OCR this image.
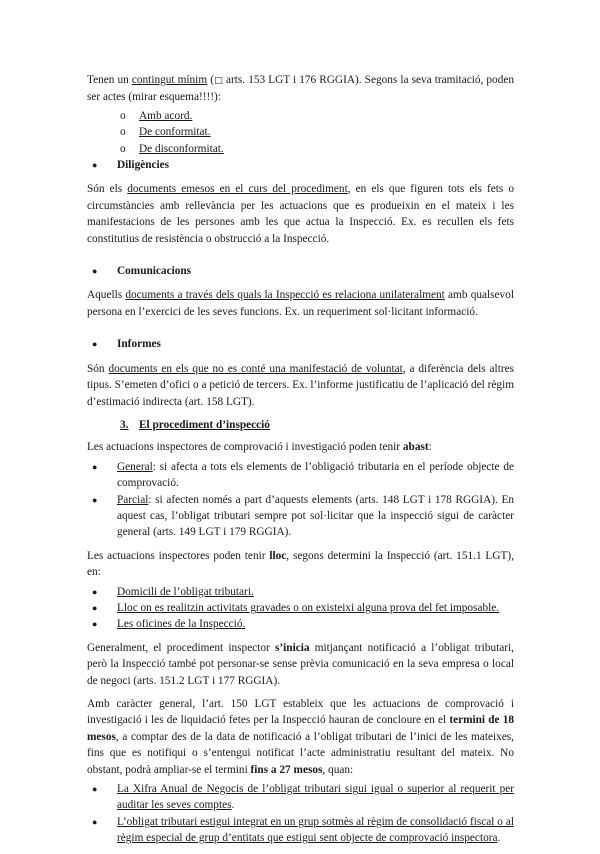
Tenen un contingut mínim (□ arts. 153 LGT i 176 RGGIA). Segons la seva tramitació, poden ser actes (mirar esquema!!!!):

o	Amb acord.
o	De conformitat.
o	De disconformitat.
●	Diligències

Són els documents emesos en el curs del procediment, en els que figuren tots els fets o circumstàncies amb rellevància per les actuacions que es produeixin en el mateix i les manifestacions de les persones amb les que actua la Inspecció. Ex. es recullen els fets constitutius de resistència o obstrucció a la Inspecció.

●	Comunicacions

Aquells documents a través dels quals la Inspecció es relaciona unilateralment amb qualsevol persona en l’exercici de les seves funcions. Ex. un requeriment sol·licitant informació.

●	Informes

Són documents en els que no es conté una manifestació de voluntat, a diferència dels altres tipus. S’emeten d’ofici o a petició de tercers. Ex. l’informe justificatiu de l’aplicació del règim d’estimació indirecta (art. 158 LGT).

3. El procediment d’inspecció

Les actuacions inspectores de comprovació i investigació poden tenir abast:

●	General: si afecta a tots els elements de l’obligació tributaria en el període objecte de comprovació.
●	Parcial: si afecten només a part d’aquests elements (arts. 148 LGT i 178 RGGIA). En aquest cas, l’obligat tributari sempre pot sol·licitar que la inspecció sigui de caràcter general (arts. 149 LGT i 179 RGGIA).

Les actuacions inspectores poden tenir lloc, segons determini la Inspecció (art. 151.1 LGT), en:

●	Domicili de l’obligat tributari.
●	Lloc on es realitzin activitats gravades o on existeixi alguna prova del fet imposable.
●	Les oficines de la Inspecció.

Generalment, el procediment inspector s’inicia mitjançant notificació a l’obligat tributari, però la Inspecció també pot personar-se sense prèvia comunicació en la seva empresa o local de negoci (arts. 151.2 LGT i 177 RGGIA).

Amb caràcter general, l’art. 150 LGT estableix que les actuacions de comprovació i investigació i les de liquidació fetes per la Inspecció hauran de concloure en el termini de 18 mesos, a comptar des de la data de notificació a l’obligat tributari de l’inici de les mateixes, fins que es notifiqui o s’entengui notificat l’acte administratiu resultant del mateix. No obstant, podrà ampliar-se el termini fins a 27 mesos, quan:

●	La Xifra Anual de Negocis de l’obligat tributari sigui igual o superior al requerit per auditar les seves comptes.
●	L’obligat tributari estigui integrat en un grup sotmès al règim de consolidació fiscal o al règim especial de grup d’entitats que estigui sent objecte de comprovació inspectora.
